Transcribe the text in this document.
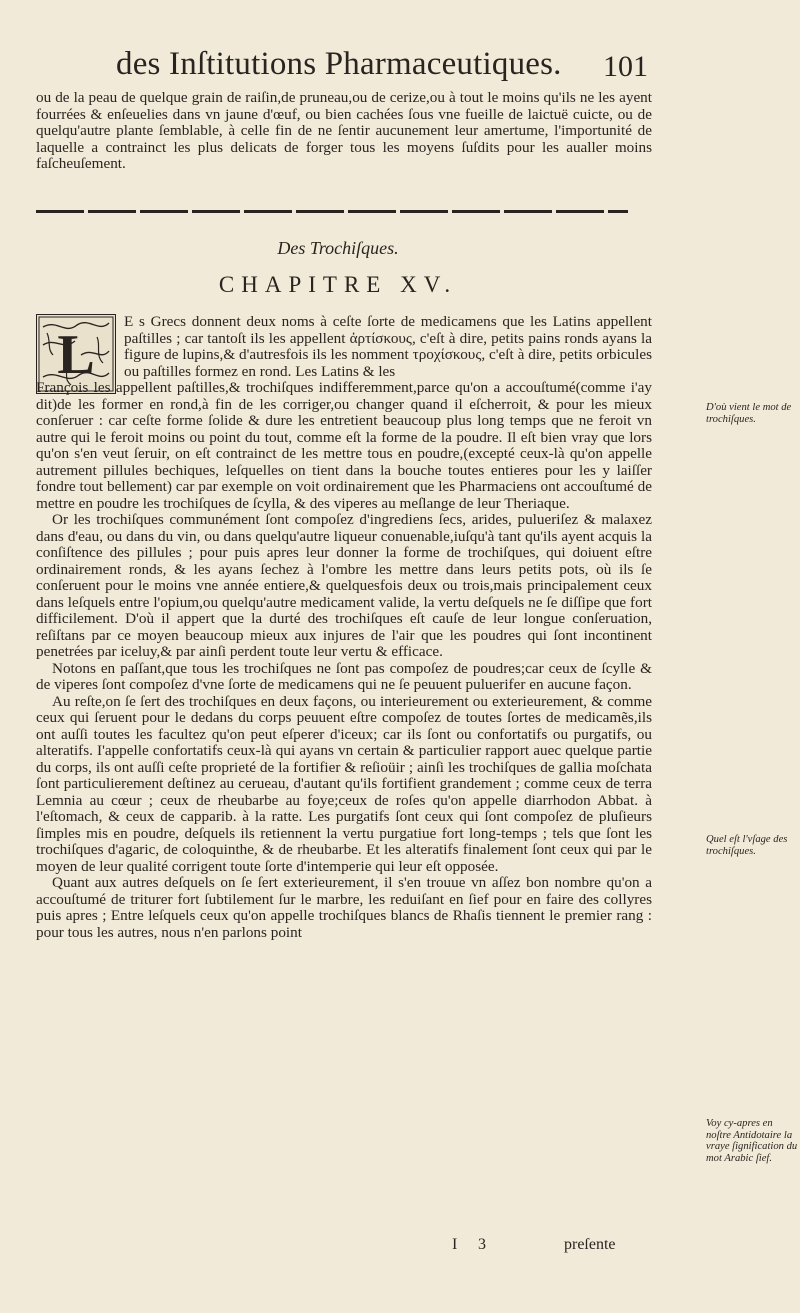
des Inſtitutions Pharmaceutiques. 101

ou de la peau de quelque grain de raiſin,de pruneau,ou de cerize,ou à tout le moins qu'ils ne les ayent fourrées & enſeuelies dans vn jaune d'œuf, ou bien cachées ſous vne fueille de laictuë cuicte, ou de quelqu'autre plante ſemblable, à celle fin de ne ſentir aucunement leur amertume, l'importunité de laquelle a contrainct les plus delicats de forger tous les moyens ſuſdits pour les aualler moins faſcheuſement.

Des Trochiſques.
CHAPITRE XV.
L

E s Grecs donnent deux noms à ceſte ſorte de medicamens que les Latins appellent paſtilles ; car tantoſt ils les appellent ἀρτίσκους, c'eſt à dire, petits pains ronds ayans la figure de lupins,& d'autresfois ils les nomment τροχίσκους, c'eſt à dire, petits orbicules ou paſtilles formez en rond. Les Latins & les

François les appellent paſtilles,& trochiſques indifferemment,parce qu'on a accouſtumé(comme i'ay dit)de les former en rond,à fin de les corriger,ou changer quand il eſcherroit, & pour les mieux conſeruer : car ceſte forme ſolide & dure les entretient beaucoup plus long temps que ne feroit vn autre qui le feroit moins ou point du tout, comme eſt la forme de la poudre. Il eſt bien vray que lors qu'on s'en veut ſeruir, on eſt contrainct de les mettre tous en poudre,(excepté ceux-là qu'on appelle autrement pillules bechiques, leſquelles on tient dans la bouche toutes entieres pour les y laiſſer fondre tout bellement) car par exemple on voit ordinairement que les Pharmaciens ont accouſtumé de mettre en poudre les trochiſques de ſcylla, & des viperes au meſlange de leur Theriaque.

Or les trochiſques communément ſont compoſez d'ingrediens ſecs, arides, pulueriſez & malaxez dans d'eau, ou dans du vin, ou dans quelqu'autre liqueur conuenable,iuſqu'à tant qu'ils ayent acquis la conſiſtence des pillules ; pour puis apres leur donner la forme de trochiſques, qui doiuent eſtre ordinairement ronds, & les ayans ſechez à l'ombre les mettre dans leurs petits pots, où ils ſe conſeruent pour le moins vne année entiere,& quelquesfois deux ou trois,mais principalement ceux dans leſquels entre l'opium,ou quelqu'autre medicament valide, la vertu deſquels ne ſe diſſipe que fort difficilement. D'où il appert que la durté des trochiſques eſt cauſe de leur longue conſeruation, reſiſtans par ce moyen beaucoup mieux aux injures de l'air que les poudres qui ſont incontinent penetrées par iceluy,& par ainſi perdent toute leur vertu & efficace.

Notons en paſſant,que tous les trochiſques ne ſont pas compoſez de poudres;car ceux de ſcylle & de viperes ſont compoſez d'vne ſorte de medicamens qui ne ſe peuuent puluerifer en aucune façon.

Au reſte,on ſe ſert des trochiſques en deux façons, ou interieurement ou exterieurement, & comme ceux qui ſeruent pour le dedans du corps peuuent eſtre compoſez de toutes ſortes de medicamẽs,ils ont auſſi toutes les facultez qu'on peut eſperer d'iceux; car ils ſont ou confortatifs ou purgatifs, ou alteratifs. I'appelle confortatifs ceux-là qui ayans vn certain & particulier rapport auec quelque partie du corps, ils ont auſſi ceſte proprieté de la fortifier & reſioüir ; ainſi les trochiſques de gallia moſchata ſont particulierement deſtinez au cerueau, d'autant qu'ils fortifient grandement ; comme ceux de terra Lemnia au cœur ; ceux de rheubarbe au foye;ceux de roſes qu'on appelle diarrhodon Abbat. à l'eſtomach, & ceux de capparib. à la ratte. Les purgatifs ſont ceux qui ſont compoſez de pluſieurs ſimples mis en poudre, deſquels ils retiennent la vertu purgatiue fort long-temps ; tels que ſont les trochiſques d'agaric, de coloquinthe, & de rheubarbe. Et les alteratifs finalement ſont ceux qui par le moyen de leur qualité corrigent toute ſorte d'intemperie qui leur eſt opposée.

Quant aux autres deſquels on ſe ſert exterieurement, il s'en trouue vn aſſez bon nombre qu'on a accouſtumé de triturer fort ſubtilement ſur le marbre, les reduiſant en ſief pour en faire des collyres puis apres ; Entre leſquels ceux qu'on appelle trochiſques blancs de Rhaſis tiennent le premier rang : pour tous les autres, nous n'en parlons point

D'où vient le mot de trochiſques.
Quel eſt l'vſage des trochiſques.
Voy cy-apres en noſtre Antidotaire la vraye ſignification du mot Arabic ſief.
I 3	preſente
